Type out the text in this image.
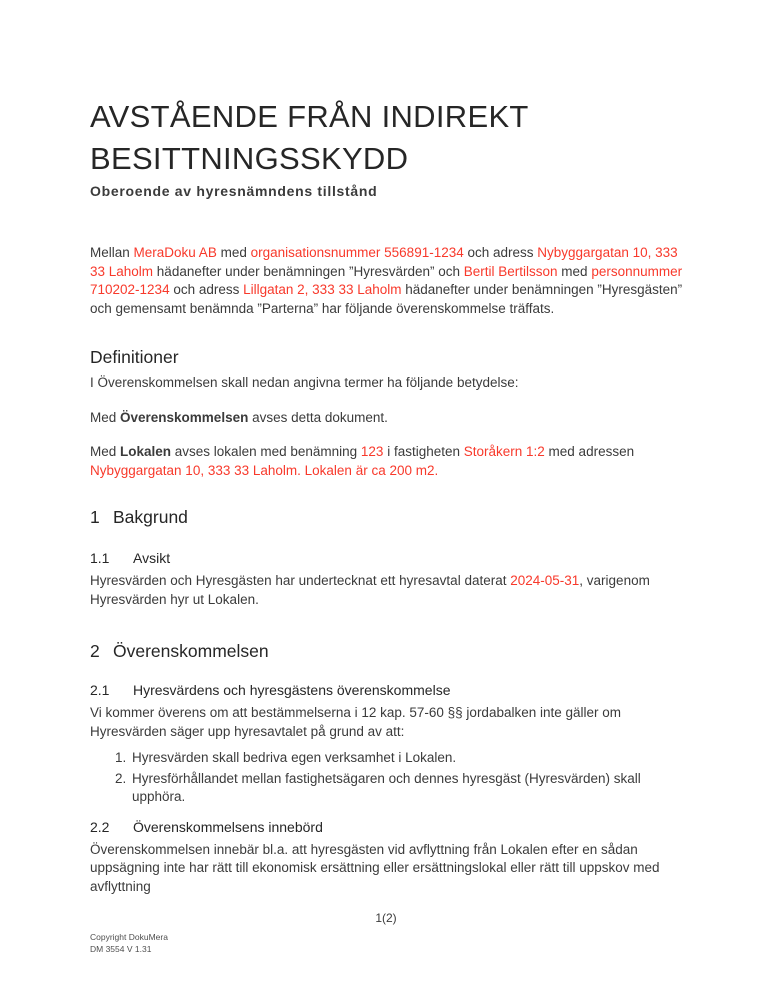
AVSTÅENDE FRÅN INDIREKT BESITTNINGSSKYDD
Oberoende av hyresnämndens tillstånd

Mellan MeraDoku AB med organisationsnummer 556891-1234 och adress Nybyggargatan 10, 333 33 Laholm hädanefter under benämningen ”Hyresvärden” och Bertil Bertilsson med personnummer 710202-1234 och adress Lillgatan 2, 333 33 Laholm hädanefter under benämningen ”Hyresgästen” och gemensamt benämnda ”Parterna” har följande överenskommelse träffats.

Definitioner

I Överenskommelsen skall nedan angivna termer ha följande betydelse:

Med Överenskommelsen avses detta dokument.

Med Lokalen avses lokalen med benämning 123 i fastigheten Storåkern 1:2 med adressen Nybyggargatan 10, 333 33 Laholm. Lokalen är ca 200 m2.

1 Bakgrund
1.1 Avsikt

Hyresvärden och Hyresgästen har undertecknat ett hyresavtal daterat 2024-05-31, varigenom Hyresvärden hyr ut Lokalen.

2 Överenskommelsen
2.1 Hyresvärdens och hyresgästens överenskommelse

Vi kommer överens om att bestämmelserna i 12 kap. 57-60 §§ jordabalken inte gäller om Hyresvärden säger upp hyresavtalet på grund av att:

1. Hyresvärden skall bedriva egen verksamhet i Lokalen.
2. Hyresförhållandet mellan fastighetsägaren och dennes hyresgäst (Hyresvärden) skall upphöra.
2.2 Överenskommelsens innebörd

Överenskommelsen innebär bl.a. att hyresgästen vid avflyttning från Lokalen efter en sådan uppsägning inte har rätt till ekonomisk ersättning eller ersättningslokal eller rätt till uppskov med avflyttning

1(2)
Copyright DokuMera
DM 3554 V 1.31
